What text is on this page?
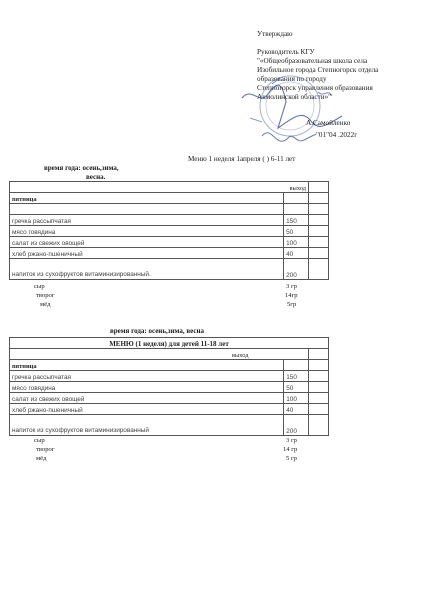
Утверждаю
Руководитель КГУ
"«Общеобразовательная школа села
Изобильное города Степногорск отдела
образования по городу
Степногорск управления образования
Акмолинской области»"
А.Самойленко
"01"04 .2022г
Меню 1 неделя 1апреля ( ) 6-11 лет
время года: осень,зима,
весна.
выход		
пятница		

гречка рассыпчатая	150	
мясо говядина	50	
салат из свежих овощей	100	
хлеб ржано-пшеничный	40	
напиток из сухофруктов витаминизированный.	200	
сыр	3 гр
творог	14гр
мёд	5гр
время года: осень,зима, весна
МЕНЮ (1 неделя) для детей 11-18 лет		
выход		
пятница		
гречка рассыпчатая	150	
мясо говядина	50	
салат из свежих овощей	100	
хлеб ржано-пшеничный	40	
напиток из сухофруктов витаминизированный	200	
сыр	3 гр
творог	14 гр
мёд	5 гр
